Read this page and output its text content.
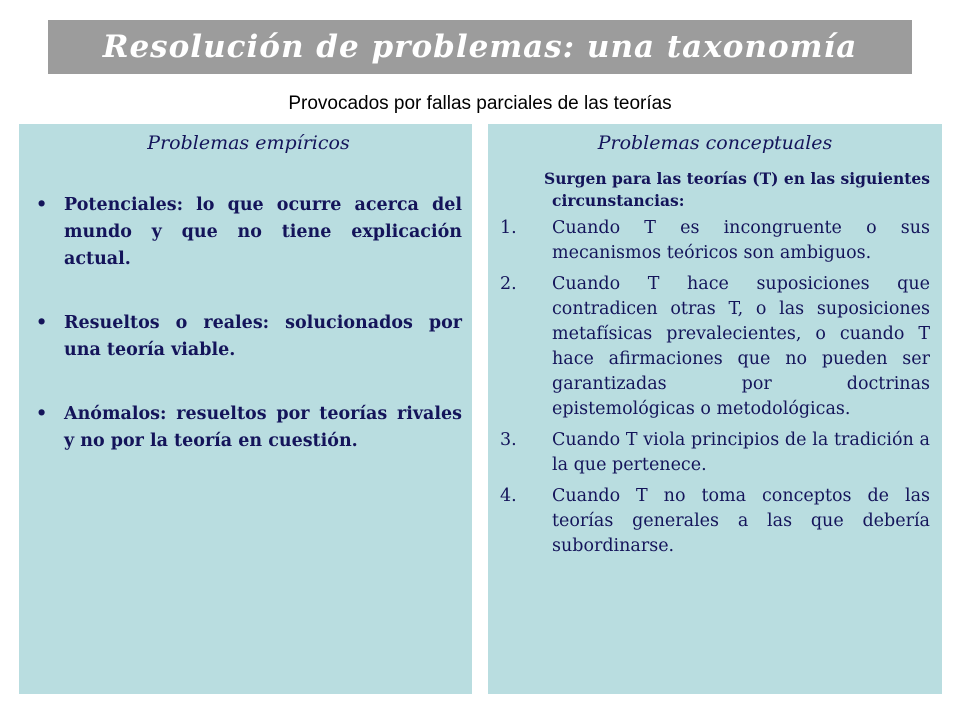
Resolución de problemas: una taxonomía
Provocados por fallas parciales de las teorías

Problemas empíricos

• Potenciales: lo que ocurre acerca del mundo y que no tiene explicación actual.
• Resueltos o reales: solucionados por una teoría viable.
• Anómalos: resueltos por teorías rivales y no por la teoría en cuestión.

Problemas conceptuales

Surgen para las teorías (T) en las siguientes circunstancias:

1. Cuando T es incongruente o sus mecanismos teóricos son ambiguos.
2. Cuando T hace suposiciones que contradicen otras T, o las suposiciones metafísicas prevalecientes, o cuando T hace afirmaciones que no pueden ser garantizadas por doctrinas epistemológicas o metodológicas.
3. Cuando T viola principios de la tradición a la que pertenece.
4. Cuando T no toma conceptos de las teorías generales a las que debería subordinarse.
